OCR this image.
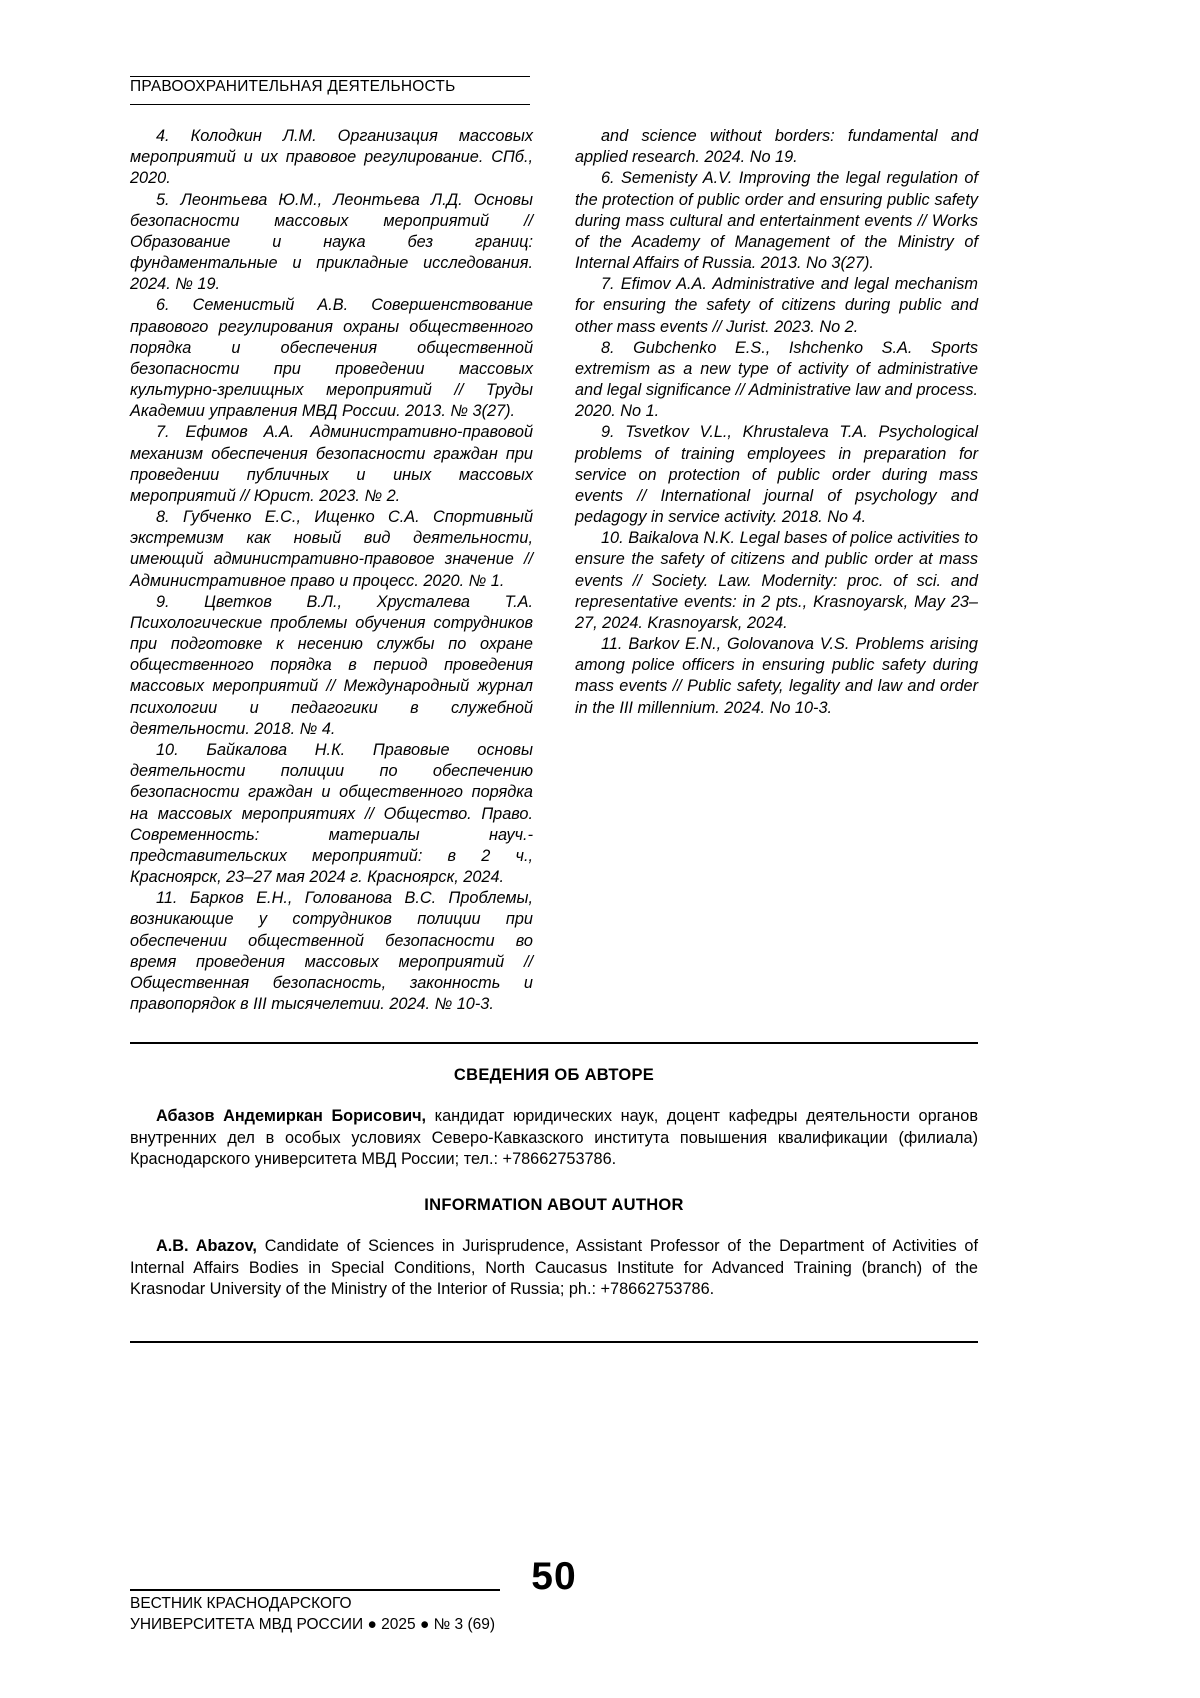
ПРАВООХРАНИТЕЛЬНАЯ ДЕЯТЕЛЬНОСТЬ

4. Колодкин Л.М. Организация массовых мероприятий и их правовое регулирование. СПб., 2020.

5. Леонтьева Ю.М., Леонтьева Л.Д. Основы безопасности массовых мероприятий // Образование и наука без границ: фундаментальные и прикладные исследования. 2024. № 19.

6. Семенистый А.В. Совершенствование правового регулирования охраны общественного порядка и обеспечения общественной безопасности при проведении массовых культурно-зрелищных мероприятий // Труды Академии управления МВД России. 2013. № 3(27).

7. Ефимов А.А. Административно-правовой механизм обеспечения безопасности граждан при проведении публичных и иных массовых мероприятий // Юрист. 2023. № 2.

8. Губченко Е.С., Ищенко С.А. Спортивный экстремизм как новый вид деятельности, имеющий административно-правовое значение // Административное право и процесс. 2020. № 1.

9. Цветков В.Л., Хрусталева Т.А. Психологические проблемы обучения сотрудников при подготовке к несению службы по охране общественного порядка в период проведения массовых мероприятий // Международный журнал психологии и педагогики в служебной деятельности. 2018. № 4.

10. Байкалова Н.К. Правовые основы деятельности полиции по обеспечению безопасности граждан и общественного порядка на массовых мероприятиях // Общество. Право. Современность: материалы науч.-представительских мероприятий: в 2 ч., Красноярск, 23–27 мая 2024 г. Красноярск, 2024.

11. Барков Е.Н., Голованова В.С. Проблемы, возникающие у сотрудников полиции при обеспечении общественной безопасности во время проведения массовых мероприятий // Общественная безопасность, законность и правопорядок в III тысячелетии. 2024. № 10-3.

and science without borders: fundamental and applied research. 2024. No 19.

6. Semenisty A.V. Improving the legal regulation of the protection of public order and ensuring public safety during mass cultural and entertainment events // Works of the Academy of Management of the Ministry of Internal Affairs of Russia. 2013. No 3(27).

7. Efimov A.A. Administrative and legal mechanism for ensuring the safety of citizens during public and other mass events // Jurist. 2023. No 2.

8. Gubchenko E.S., Ishchenko S.A. Sports extremism as a new type of activity of administrative and legal significance // Administrative law and process. 2020. No 1.

9. Tsvetkov V.L., Khrustaleva T.A. Psychological problems of training employees in preparation for service on protection of public order during mass events // International journal of psychology and pedagogy in service activity. 2018. No 4.

10. Baikalova N.K. Legal bases of police activities to ensure the safety of citizens and public order at mass events // Society. Law. Modernity: proc. of sci. and representative events: in 2 pts., Krasnoyarsk, May 23–27, 2024. Krasnoyarsk, 2024.

11. Barkov E.N., Golovanova V.S. Problems arising among police officers in ensuring public safety during mass events // Public safety, legality and law and order in the III millennium. 2024. No 10-3.

СВЕДЕНИЯ ОБ АВТОРЕ
Абазов Андемиркан Борисович, кандидат юридических наук, доцент кафедры деятельности органов внутренних дел в особых условиях Северо-Кавказского института повышения квалификации (филиала) Краснодарского университета МВД России; тел.: +78662753786.
INFORMATION ABOUT AUTHOR
A.B. Abazov, Candidate of Sciences in Jurisprudence, Assistant Professor of the Department of Activities of Internal Affairs Bodies in Special Conditions, North Caucasus Institute for Advanced Training (branch) of the Krasnodar University of the Ministry of the Interior of Russia; ph.: +78662753786.
50
ВЕСТНИК КРАСНОДАРСКОГО
УНИВЕРСИТЕТА МВД РОССИИ ● 2025 ● № 3 (69)
